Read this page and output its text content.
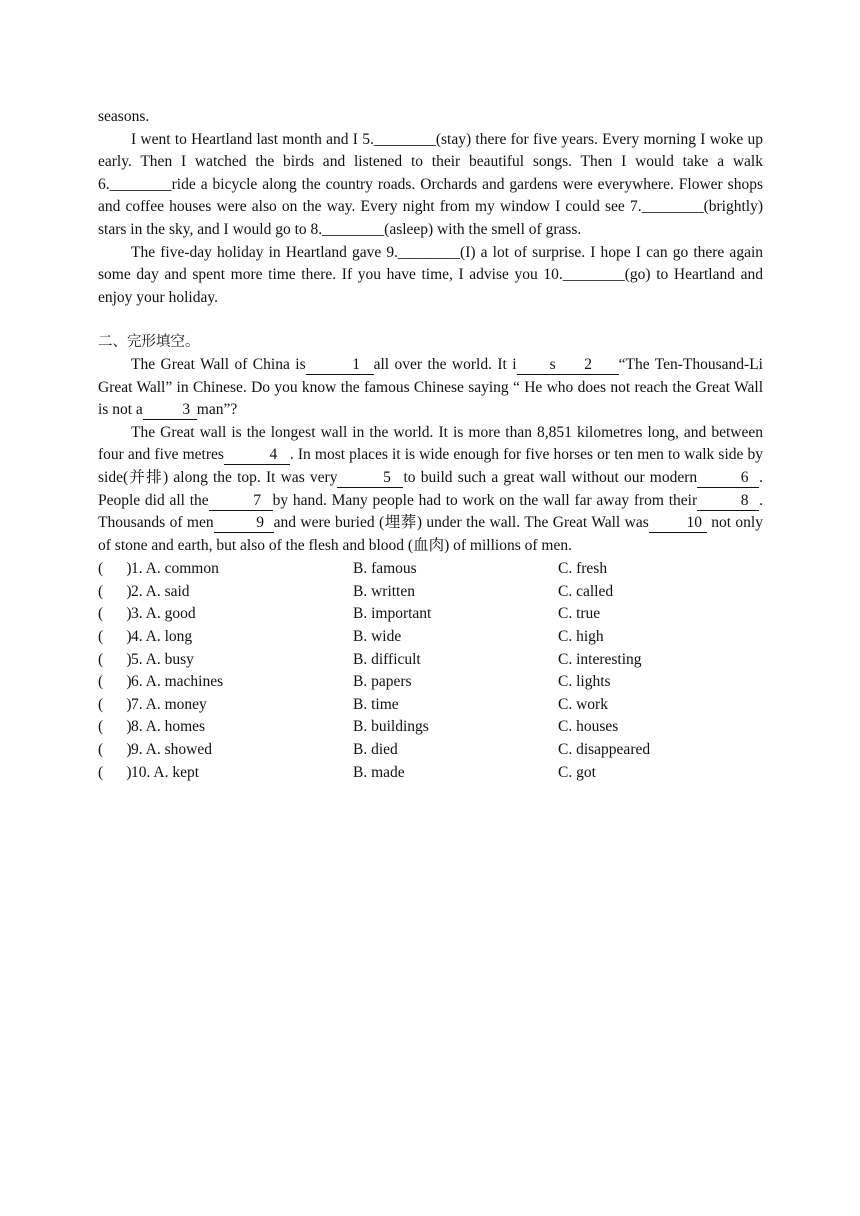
seasons.

I went to Heartland last month and I 5.________(stay) there for five years. Every morning I woke up early. Then I watched the birds and listened to their beautiful songs. Then I would take a walk 6.________ride a bicycle along the country roads. Orchards and gardens were everywhere. Flower shops and coffee houses were also on the way. Every night from my window I could see 7.________(brightly) stars in the sky, and I would go to 8.________(asleep) with the smell of grass.

The five-day holiday in Heartland gave 9.________(I) a lot of surprise. I hope I can go there again some day and spent more time there. If you have time, I advise you 10.________(go) to Heartland and enjoy your holiday.

二、完形填空。

The Great Wall of China is	1 all over the world. It i s 2 “The Ten-Thousand-Li Great Wall” in Chinese. Do you know the famous Chinese saying “ He who does not reach the Great Wall is not a	3 man”?

The Great wall is the longest wall in the world. It is more than 8,851 kilometres long, and between four and five metres	4 . In most places it is wide enough for five horses or ten men to walk side by side(并排) along the top. It was very	5 to build such a great wall without our modern	6 . People did all the	7 by hand. Many people had to work on the wall far away from their	8 . Thousands of men	9 and were buried (埋葬) under the wall. The Great Wall was 10 not only of stone and earth, but also of the flesh and blood (血肉) of millions of men.

(      ) 1. A. common	B. famous	C. fresh
(      ) 2. A. said	B. written	C. called
(      ) 3. A. good	B. important	C. true
(      ) 4. A. long	B. wide	C. high
(      ) 5. A. busy	B. difficult	C. interesting
(      ) 6. A. machines	B. papers	C. lights
(      ) 7. A. money	B. time	C. work
(      ) 8. A. homes	B. buildings	C. houses
(      ) 9. A. showed	B. died	C. disappeared
(      ) 10. A. kept	B. made	C. got
